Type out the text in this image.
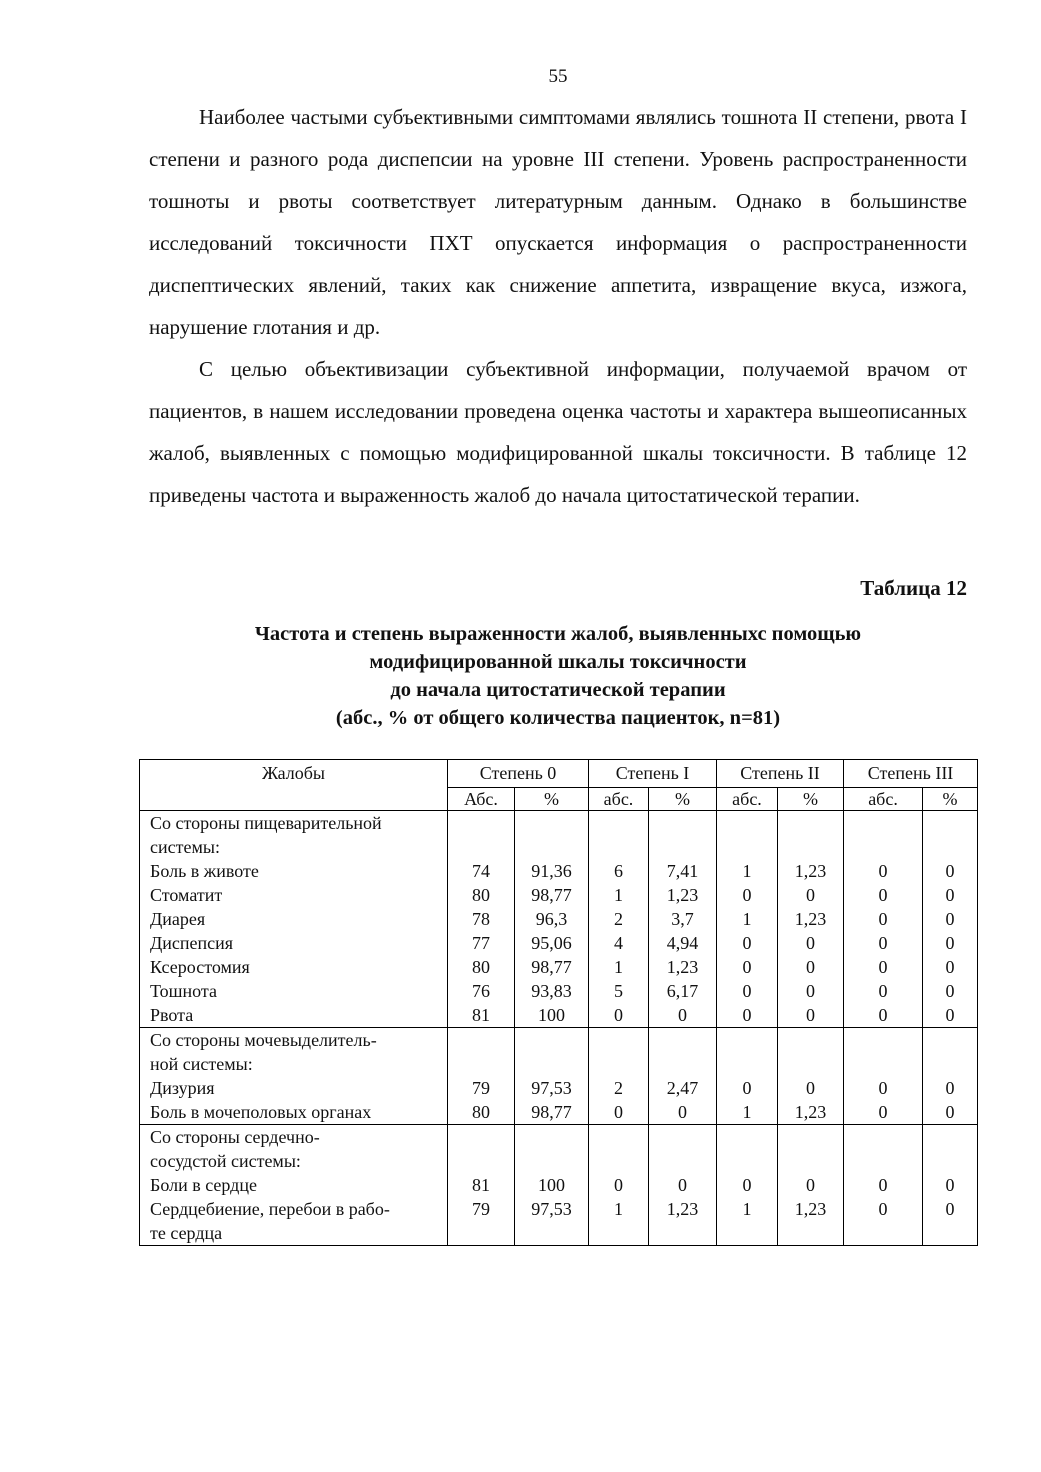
55

Наиболее частыми субъективными симптомами являлись тошнота II степени, рвота I степени и разного рода диспепсии на уровне III степени. Уровень распространенности тошноты и рвоты соответствует литературным данным. Однако в большинстве исследований токсичности ПХТ опускается информация о распространенности диспептических явлений, таких как снижение аппетита, извращение вкуса, изжога, нарушение глотания и др.

С целью объективизации субъективной информации, получаемой врачом от пациентов, в нашем исследовании проведена оценка частоты и характера вышеописанных жалоб, выявленных с помощью модифицированной шкалы токсичности. В таблице 12 приведены частота и выраженность жалоб до начала цитостатической терапии.

Таблица 12
Частота и степень выраженности жалоб, выявленныхс помощью
модифицированной шкалы токсичности
до начала цитостатической терапии
(абс., % от общего количества пациенток, n=81)
Жалобы	Степень 0		Степень I		Степень II		Степень III	
	Абс.	%	абс.	%	абс.	%	абс.	%
Со стороны пищеварительной								
системы:								
Боль в животе	74	91,36	6	7,41	1	1,23	0	0
Стоматит	80	98,77	1	1,23	0	0	0	0
Диарея	78	96,3	2	3,7	1	1,23	0	0
Диспепсия	77	95,06	4	4,94	0	0	0	0
Ксеростомия	80	98,77	1	1,23	0	0	0	0
Тошнота	76	93,83	5	6,17	0	0	0	0
Рвота	81	100	0	0	0	0	0	0
Со стороны мочевыделитель-								
ной системы:								
Дизурия	79	97,53	2	2,47	0	0	0	0
Боль в мочеполовых органах	80	98,77	0	0	1	1,23	0	0
Со стороны сердечно-								
сосудстой системы:								
Боли в сердце	81	100	0	0	0	0	0	0
Сердцебиение, перебои в рабо-	79	97,53	1	1,23	1	1,23	0	0
те сердца								
